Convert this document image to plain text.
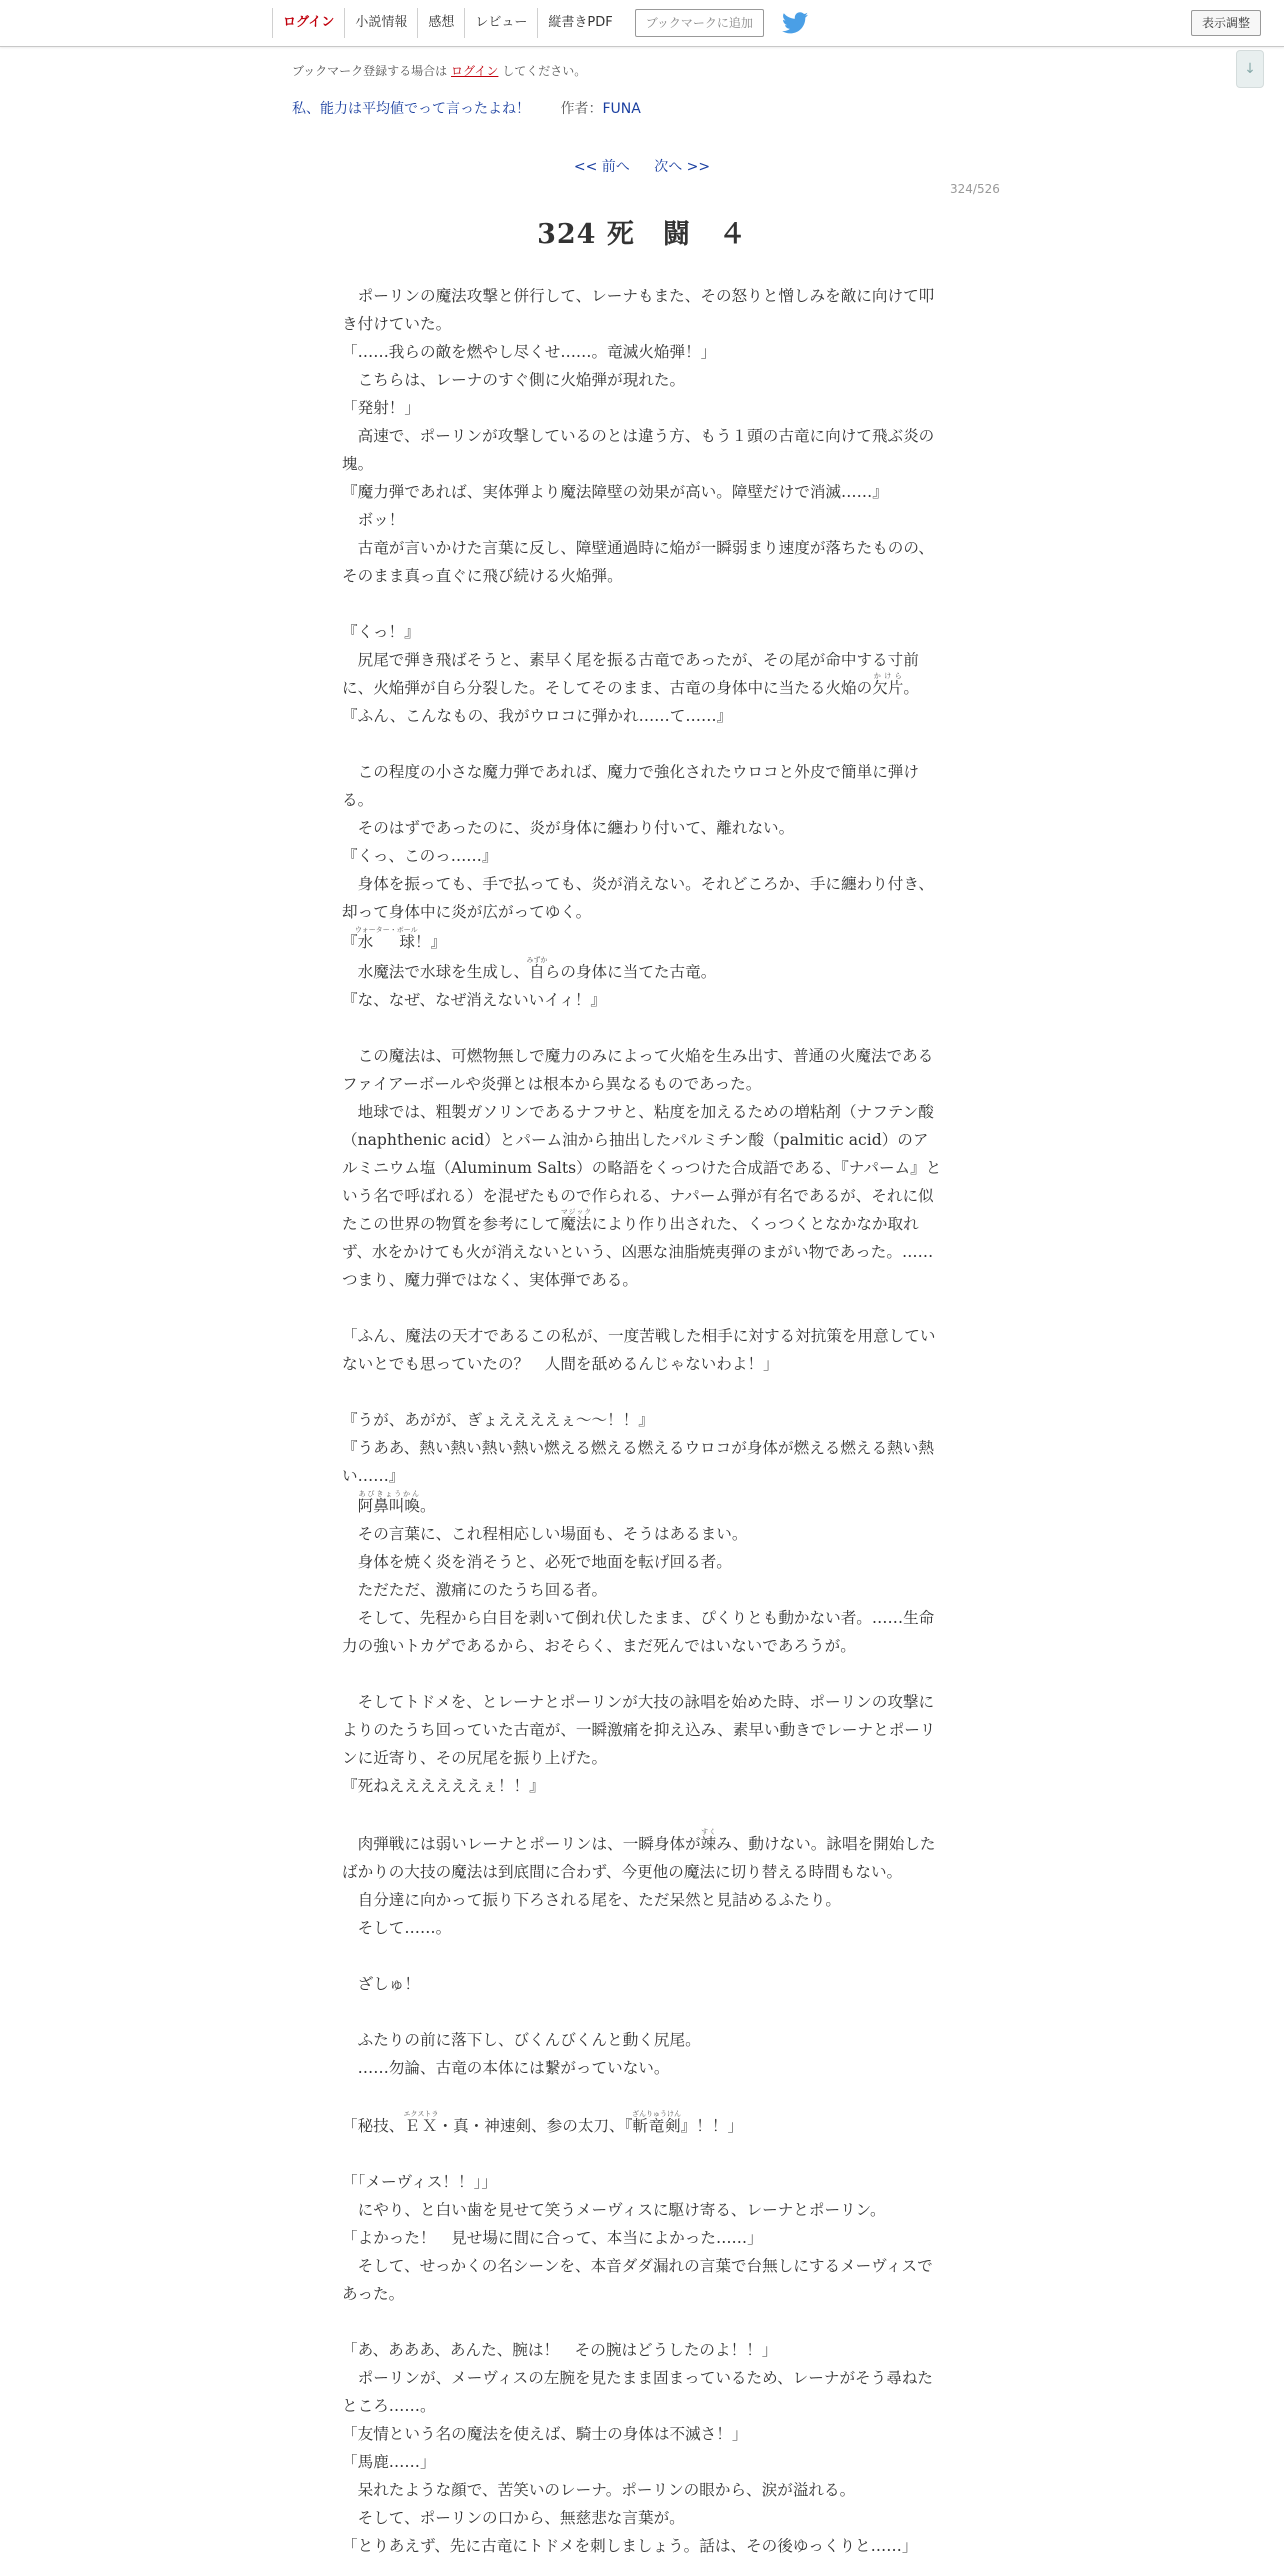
ログイン	小説情報	感想	レビュー	縦書きPDF	ブックマークに追加	表示調整
↓
ブックマーク登録する場合は ログイン してください。
私、能力は平均値でって言ったよね！ 作者：FUNA
<< 前へ 次へ >>
324/526
324 死　闘　４

　ポーリンの魔法攻撃と併行して、レーナもまた、その怒りと憎しみを敵に向けて叩き付けていた。

「……我らの敵を燃やし尽くせ……。竜滅火焔弾！」

　こちらは、レーナのすぐ側に火焔弾が現れた。

「発射！」

　高速で、ポーリンが攻撃しているのとは違う方、もう１頭の古竜に向けて飛ぶ炎の塊。

『魔力弾であれば、実体弾より魔法障壁の効果が高い。障壁だけで消滅……』

　ボッ！

　古竜が言いかけた言葉に反し、障壁通過時に焔が一瞬弱まり速度が落ちたものの、そのまま真っ直ぐに飛び続ける火焔弾。

『くっ！』

　尻尾で弾き飛ばそうと、素早く尾を振る古竜であったが、その尾が命中する寸前に、火焔弾が自ら分裂した。そしてそのまま、古竜の身体中に当たる火焔の欠片かけら。

『ふん、こんなもの、我がウロコに弾かれ……て……』

　この程度の小さな魔力弾であれば、魔力で強化されたウロコと外皮で簡単に弾ける。

　そのはずであったのに、炎が身体に纏わり付いて、離れない。

『くっ、このっ……』

　身体を振っても、手で払っても、炎が消えない。それどころか、手に纏わり付き、却って身体中に炎が広がってゆく。

『水　球ウォーター・ボール！』

　水魔法で水球を生成し、自みずからの身体に当てた古竜。

『な、なぜ、なぜ消えないいイィ！』

　この魔法は、可燃物無しで魔力のみによって火焔を生み出す、普通の火魔法であるファイアーボールや炎弾とは根本から異なるものであった。

　地球では、粗製ガソリンであるナフサと、粘度を加えるための増粘剤（ナフテン酸（naphthenic acid）とパーム油から抽出したパルミチン酸（palmitic acid）のアルミニウム塩（Aluminum Salts）の略語をくっつけた合成語である、『ナパーム』という名で呼ばれる）を混ぜたもので作られる、ナパーム弾が有名であるが、それに似たこの世界の物質を参考にして魔法マジックにより作り出された、くっつくとなかなか取れず、水をかけても火が消えないという、凶悪な油脂焼夷弾のまがい物であった。……つまり、魔力弾ではなく、実体弾である。

「ふん、魔法の天才であるこの私が、一度苦戦した相手に対する対抗策を用意していないとでも思っていたの？　人間を舐めるんじゃないわよ！」

『うが、あがが、ぎょええええぇ～～！！』

『うああ、熱い熱い熱い熱い燃える燃える燃えるウロコが身体が燃える燃える熱い熱い……』

　阿鼻叫喚あびきょうかん。

　その言葉に、これ程相応しい場面も、そうはあるまい。

　身体を焼く炎を消そうと、必死で地面を転げ回る者。

　ただただ、激痛にのたうち回る者。

　そして、先程から白目を剥いて倒れ伏したまま、ぴくりとも動かない者。……生命力の強いトカゲであるから、おそらく、まだ死んではいないであろうが。

　そしてトドメを、とレーナとポーリンが大技の詠唱を始めた時、ポーリンの攻撃によりのたうち回っていた古竜が、一瞬激痛を抑え込み、素早い動きでレーナとポーリンに近寄り、その尻尾を振り上げた。

『死ねええええええぇ！！』

　肉弾戦には弱いレーナとポーリンは、一瞬身体が竦すくみ、動けない。詠唱を開始したばかりの大技の魔法は到底間に合わず、今更他の魔法に切り替える時間もない。

　自分達に向かって振り下ろされる尾を、ただ呆然と見詰めるふたり。

　そして……。

　ざしゅ！

　ふたりの前に落下し、びくんびくんと動く尻尾。

　……勿論、古竜の本体には繋がっていない。

「秘技、ＥＸエクストラ・真・神速剣、参の太刀、『斬竜剣ざんりゅうけん』！！」

「「メーヴィス！！」」

　にやり、と白い歯を見せて笑うメーヴィスに駆け寄る、レーナとポーリン。

「よかった！　見せ場に間に合って、本当によかった……」

　そして、せっかくの名シーンを、本音ダダ漏れの言葉で台無しにするメーヴィスであった。

「あ、あああ、あんた、腕は！　その腕はどうしたのよ！！」

　ポーリンが、メーヴィスの左腕を見たまま固まっているため、レーナがそう尋ねたところ……。

「友情という名の魔法を使えば、騎士の身体は不滅さ！」

「馬鹿……」

　呆れたような顔で、苦笑いのレーナ。ポーリンの眼から、涙が溢れる。

　そして、ポーリンの口から、無慈悲な言葉が。

「とりあえず、先に古竜にトドメを刺しましょう。話は、その後ゆっくりと……」
